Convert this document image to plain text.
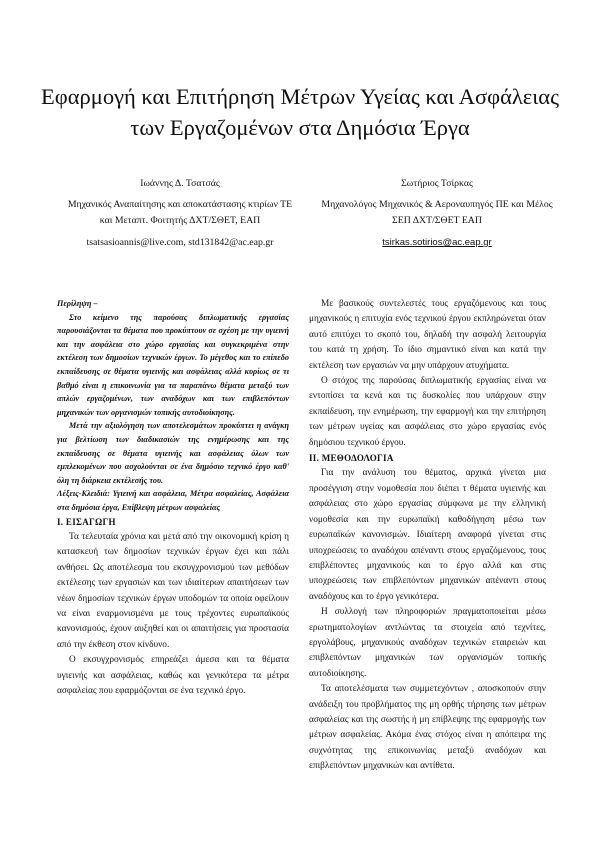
Εφαρμογή και Επιτήρηση Μέτρων Υγείας και Ασφάλειας των Εργαζομένων στα Δημόσια Έργα
Ιωάννης Δ. Τσατσάς
Μηχανικός Αναπαίτησης και αποκατάστασης κτιρίων ΤΕ και Μεταπτ. Φοιτητής ΔΧΤ/ΣΘΕΤ, ΕΑΠ
tsatsasioannis@live.com, std131842@ac.eap.gr
Σωτήριος Τσίρκας
Μηχανολόγος Μηχανικός & Αεροναυπηγός ΠΕ και Μέλος ΣΕΠ ΔΧΤ/ΣΘΕΤ ΕΑΠ
tsirkas.sotirios@ac.eap.gr

Περίληψη –

Στο κείμενο της παρούσας διπλωματικής εργασίας παρουσιάζονται τα θέματα που προκύπτουν σε σχέση με την υγιεινή και την ασφάλεια στο χώρο εργασίας και συγκεκριμένα στην εκτέλεση των δημοσίων τεχνικών έργων. Το μέγεθος και το επίπεδο εκπαίδευσης σε θέματα υγιεινής και ασφάλειας αλλά κυρίως σε τι βαθμό είναι η επικοινωνία για τα παραπάνω θέματα μεταξύ των απλών εργαζομένων, των αναδόχων και των επιβλεπόντων μηχανικών των οργανισμών τοπικής αυτοδιοίκησης.

Μετά την αξιολόγηση των αποτελεσμάτων προκύπτει η ανάγκη για βελτίωση των διαδικασιών της ενημέρωσης και της εκπαίδευσης σε θέματα υγιεινής και ασφάλειας όλων των εμπλεκομένων που ασχολούνται σε ένα δημόσιο τεχνικό έργο καθ' όλη τη διάρκεια εκτέλεσής του.

Λέξεις-Κλειδιά: Υγιεινή και ασφάλεια, Μέτρα ασφαλείας, Ασφάλεια στα δημόσια έργα, Επίβλεψη μέτρων ασφαλείας

I. ΕΙΣΑΓΩΓΗ

Τα τελευταία χρόνια και μετά από την οικονομική κρίση η κατασκευή των δημοσίων τεχνικών έργων έχει και πάλι ανθήσει. Ως αποτέλεσμα του εκσυγχρονισμού των μεθόδων εκτέλεσης των εργασιών και των ιδιαίτερων απαιτήσεων των νέων δημοσίων τεχνικών έργων υποδομών τα οποία οφείλουν να είναι εναρμονισμένα με τους τρέχοντες ευρωπαϊκούς κανονισμούς, έχουν αυξηθεί και οι απαιτήσεις για προστασία από την έκθεση στον κίνδυνο.

Ο εκσυγχρονισμός επηρεάζει άμεσα και τα θέματα υγιεινής και ασφάλειας, καθώς και γενικότερα τα μέτρα ασφαλείας που εφαρμόζονται σε ένα τεχνικό έργο.

Με βασικούς συντελεστές τους εργαζόμενους και τους μηχανικούς η επιτυχία ενός τεχνικού έργου εκπληρώνεται όταν αυτό επιτύχει το σκοπό του, δηλαδή την ασφαλή λειτουργία του κατά τη χρήση. Το ίδιο σημαντικό είναι και κατά την εκτέλεση των εργασιών να μην υπάρχουν ατυχήματα.

Ο στόχος της παρούσας διπλωματικής εργασίας είναι να εντοπίσει τα κενά και τις δυσκολίες που υπάρχουν στην εκπαίδευση, την ενημέρωση, την εφαρμογή και την επιτήρηση των μέτρων υγείας και ασφάλειας στο χώρο εργασίας ενός δημόσιου τεχνικού έργου.

II. ΜΕΘΟΔΟΛΟΓΙΑ

Για την ανάλυση του θέματος, αρχικά γίνεται μια προσέγγιση στην νομοθεσία που διέπει τ θέματα υγιεινής και ασφάλειας στο χώρο εργασίας σύμφωνα με την ελληνική νομοθεσία και την ευρωπαϊκή καθοδήγηση μέσω των ευρωπαϊκών κανονισμών. Ιδιαίτερη αναφορά γίνεται στις υποχρεώσεις το αναδόχου απέναντι στους εργαζόμενους, τους επιβλέποντες μηχανικούς και το έργο αλλά και στις υποχρεώσεις των επιβλεπόντων μηχανικών απέναντι στους αναδόχους και το έργο γενικότερα.

Η συλλογή των πληροφοριών πραγματοποιείται μέσω ερωτηματολογίων αντλώντας τα στοιχεία από τεχνίτες, εργολάβους, μηχανικούς αναδόχων τεχνικών εταιρειών και επιβλεπόντων μηχανικών των οργανισμών τοπικής αυτοδιοίκησης.

Τα αποτελέσματα των συμμετεχόντων , αποσκοπούν στην ανάδειξη του προβλήματος της μη ορθής τήρησης των μέτρων ασφαλείας και της σωστής ή μη επίβλεψης της εφαρμογής των μέτρων ασφαλείας. Ακόμα ένας στόχος είναι η απόπειρα της συχνότητας της επικοινωνίας μεταξύ αναδόχων και επιβλεπόντων μηχανικών και αντίθετα.
